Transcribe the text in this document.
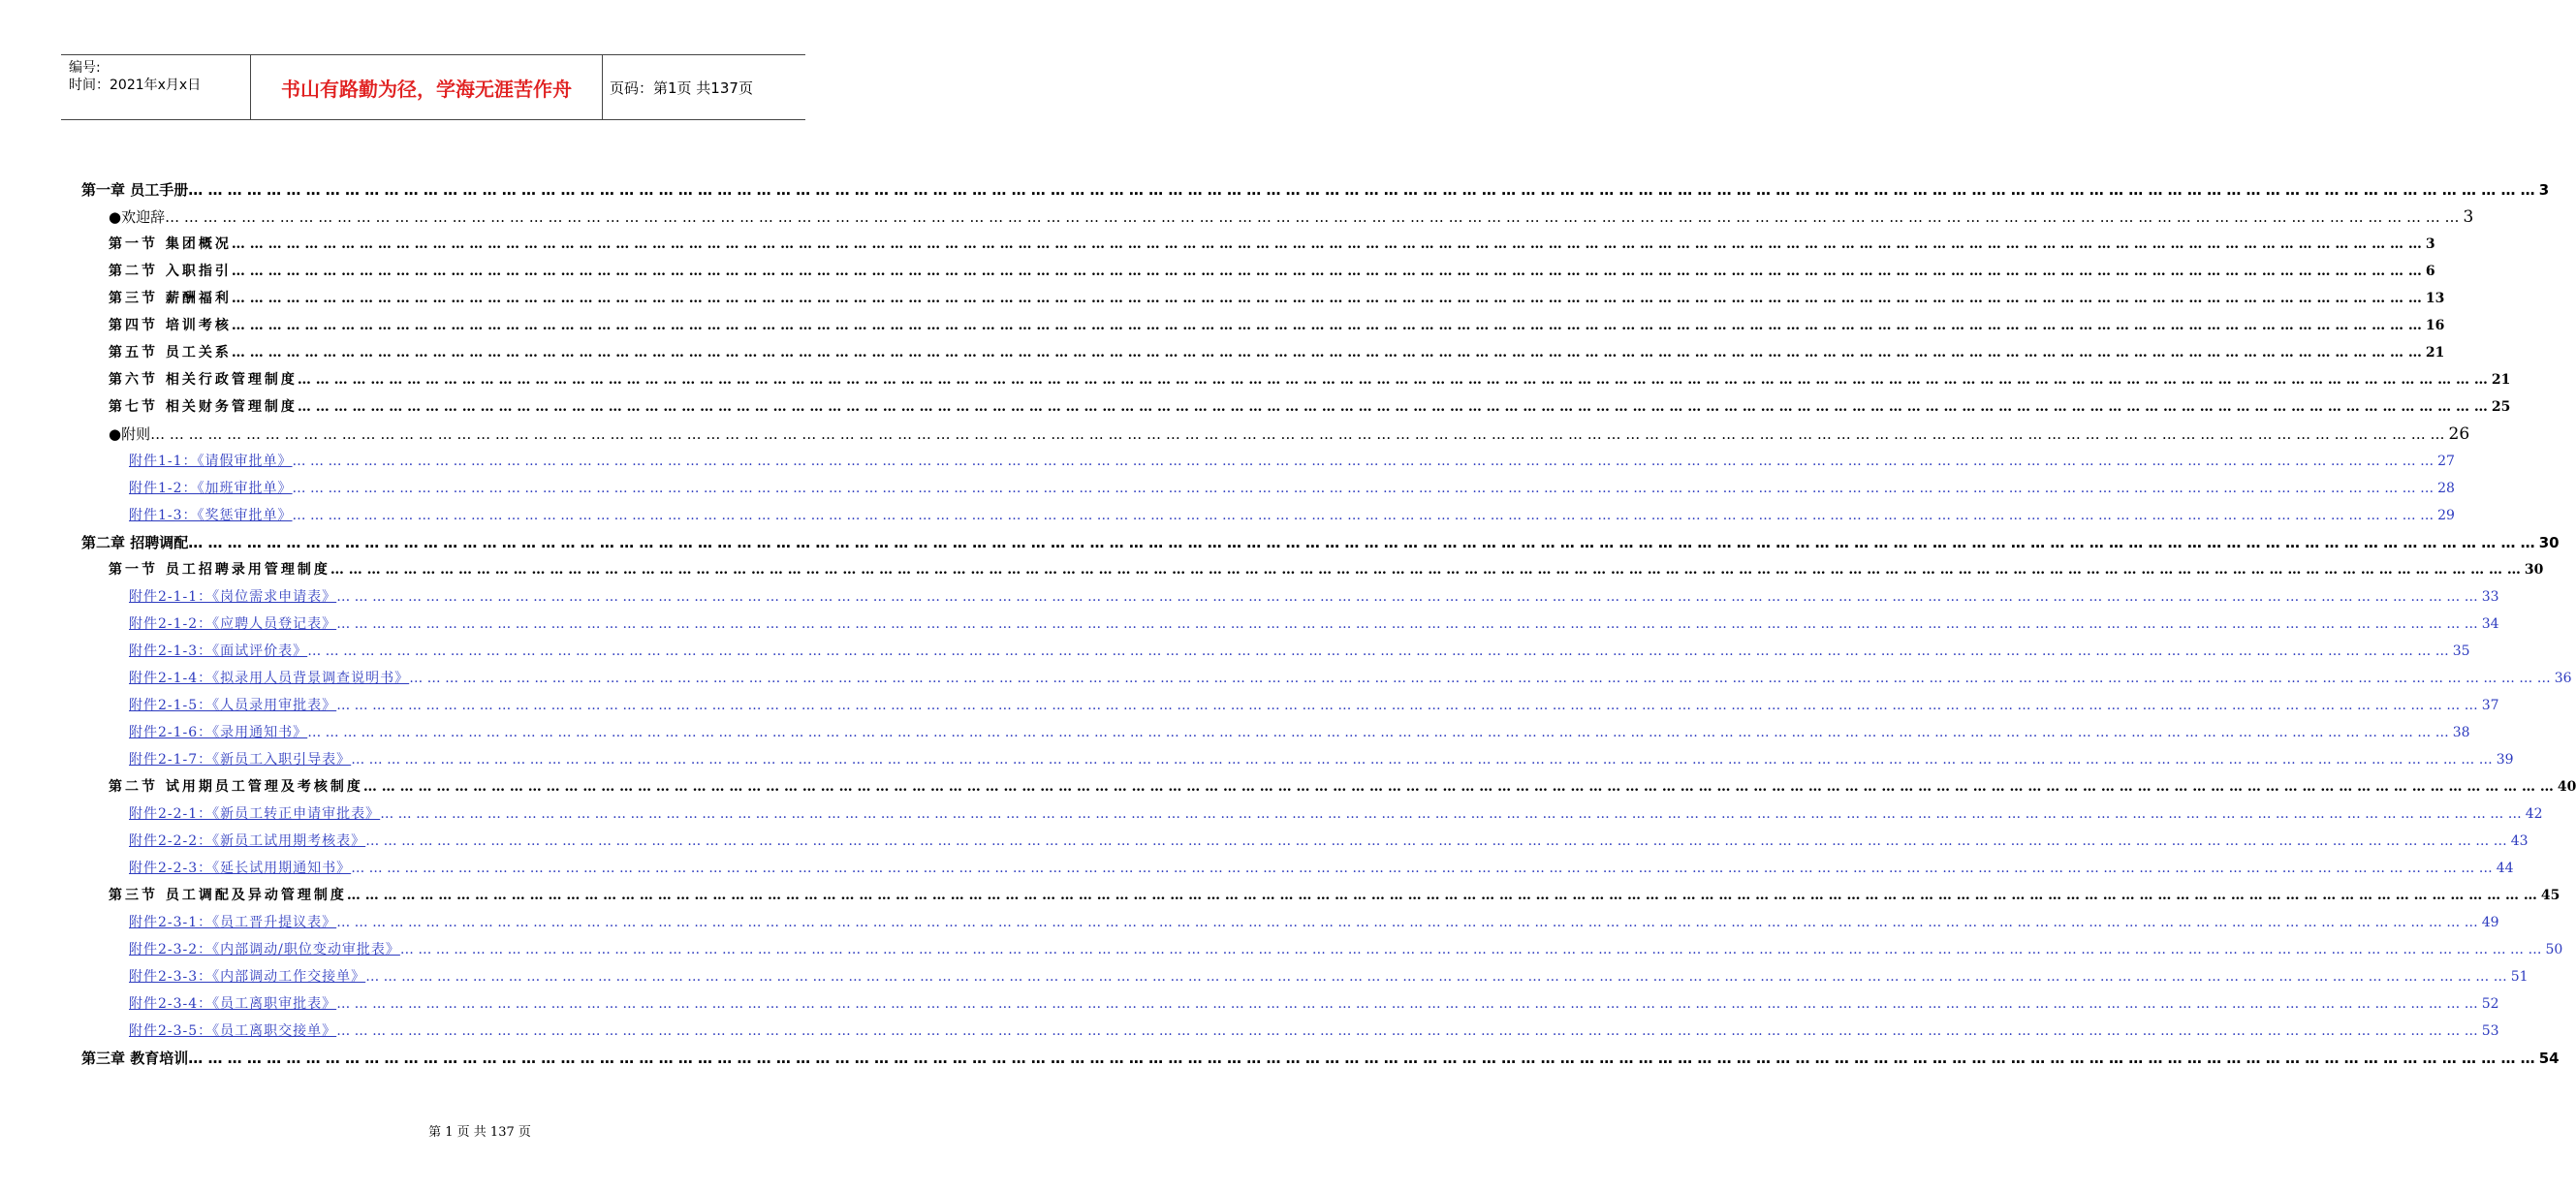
编号:
时间：2021年x月x日	书山有路勤为径，学海无涯苦作舟	页码：第1页 共137页
第一章 员工手册 … … … … … … … … … … … … … … … … … … … … … … … … … … … … … … … … … … … … … … … … … … … … … … … … … … … … … … … … … … … … … … … … … … … … … … … … … … … … … … … … … … … … … … … … … … … … … … … … … … … … … … … … … … … … … … … … … … … … … … … … 3
● 欢迎辞 … … … … … … … … … … … … … … … … … … … … … … … … … … … … … … … … … … … … … … … … … … … … … … … … … … … … … … … … … … … … … … … … … … … … … … … … … … … … … … … … … … … … … … … … … … … … … … … … … … … … … … … … … … … … … … … … … … … … … … … … 3
第一节 集团概况 … … … … … … … … … … … … … … … … … … … … … … … … … … … … … … … … … … … … … … … … … … … … … … … … … … … … … … … … … … … … … … … … … … … … … … … … … … … … … … … … … … … … … … … … … … … … … … … … … … … … … … … … … … … … … … … … … … … … … … … … 3
第二节 入职指引 … … … … … … … … … … … … … … … … … … … … … … … … … … … … … … … … … … … … … … … … … … … … … … … … … … … … … … … … … … … … … … … … … … … … … … … … … … … … … … … … … … … … … … … … … … … … … … … … … … … … … … … … … … … … … … … … … … … … … … … … 6
第三节 薪酬福利 … … … … … … … … … … … … … … … … … … … … … … … … … … … … … … … … … … … … … … … … … … … … … … … … … … … … … … … … … … … … … … … … … … … … … … … … … … … … … … … … … … … … … … … … … … … … … … … … … … … … … … … … … … … … … … … … … … … … … … … … 13
第四节 培训考核 … … … … … … … … … … … … … … … … … … … … … … … … … … … … … … … … … … … … … … … … … … … … … … … … … … … … … … … … … … … … … … … … … … … … … … … … … … … … … … … … … … … … … … … … … … … … … … … … … … … … … … … … … … … … … … … … … … … … … … … … 16
第五节 员工关系 … … … … … … … … … … … … … … … … … … … … … … … … … … … … … … … … … … … … … … … … … … … … … … … … … … … … … … … … … … … … … … … … … … … … … … … … … … … … … … … … … … … … … … … … … … … … … … … … … … … … … … … … … … … … … … … … … … … … … … … … 21
第六节 相关行政管理制度 … … … … … … … … … … … … … … … … … … … … … … … … … … … … … … … … … … … … … … … … … … … … … … … … … … … … … … … … … … … … … … … … … … … … … … … … … … … … … … … … … … … … … … … … … … … … … … … … … … … … … … … … … … … … … … … … … … … … … … … … 21
第七节 相关财务管理制度 … … … … … … … … … … … … … … … … … … … … … … … … … … … … … … … … … … … … … … … … … … … … … … … … … … … … … … … … … … … … … … … … … … … … … … … … … … … … … … … … … … … … … … … … … … … … … … … … … … … … … … … … … … … … … … … … … … … … … … … … 25
● 附则 … … … … … … … … … … … … … … … … … … … … … … … … … … … … … … … … … … … … … … … … … … … … … … … … … … … … … … … … … … … … … … … … … … … … … … … … … … … … … … … … … … … … … … … … … … … … … … … … … … … … … … … … … … … … … … … … … … … … … … … … 26
附件1-1：《请假审批单》 … … … … … … … … … … … … … … … … … … … … … … … … … … … … … … … … … … … … … … … … … … … … … … … … … … … … … … … … … … … … … … … … … … … … … … … … … … … … … … … … … … … … … … … … … … … … … … … … … … … … … … … … … … … … … … … … … … … … … … … … 27
附件1-2：《加班审批单》 … … … … … … … … … … … … … … … … … … … … … … … … … … … … … … … … … … … … … … … … … … … … … … … … … … … … … … … … … … … … … … … … … … … … … … … … … … … … … … … … … … … … … … … … … … … … … … … … … … … … … … … … … … … … … … … … … … … … … … … … 28
附件1-3：《奖惩审批单》 … … … … … … … … … … … … … … … … … … … … … … … … … … … … … … … … … … … … … … … … … … … … … … … … … … … … … … … … … … … … … … … … … … … … … … … … … … … … … … … … … … … … … … … … … … … … … … … … … … … … … … … … … … … … … … … … … … … … … … … … 29
第二章 招聘调配 … … … … … … … … … … … … … … … … … … … … … … … … … … … … … … … … … … … … … … … … … … … … … … … … … … … … … … … … … … … … … … … … … … … … … … … … … … … … … … … … … … … … … … … … … … … … … … … … … … … … … … … … … … … … … … … … … … … … … … … … 30
第一节 员工招聘录用管理制度 … … … … … … … … … … … … … … … … … … … … … … … … … … … … … … … … … … … … … … … … … … … … … … … … … … … … … … … … … … … … … … … … … … … … … … … … … … … … … … … … … … … … … … … … … … … … … … … … … … … … … … … … … … … … … … … … … … … … … … … … 30
附件2-1-1：《岗位需求申请表》 … … … … … … … … … … … … … … … … … … … … … … … … … … … … … … … … … … … … … … … … … … … … … … … … … … … … … … … … … … … … … … … … … … … … … … … … … … … … … … … … … … … … … … … … … … … … … … … … … … … … … … … … … … … … … … … … … … … … … … … … 33
附件2-1-2：《应聘人员登记表》 … … … … … … … … … … … … … … … … … … … … … … … … … … … … … … … … … … … … … … … … … … … … … … … … … … … … … … … … … … … … … … … … … … … … … … … … … … … … … … … … … … … … … … … … … … … … … … … … … … … … … … … … … … … … … … … … … … … … … … … … 34
附件2-1-3：《面试评价表》 … … … … … … … … … … … … … … … … … … … … … … … … … … … … … … … … … … … … … … … … … … … … … … … … … … … … … … … … … … … … … … … … … … … … … … … … … … … … … … … … … … … … … … … … … … … … … … … … … … … … … … … … … … … … … … … … … … … … … … … … 35
附件2-1-4：《拟录用人员背景调查说明书》 … … … … … … … … … … … … … … … … … … … … … … … … … … … … … … … … … … … … … … … … … … … … … … … … … … … … … … … … … … … … … … … … … … … … … … … … … … … … … … … … … … … … … … … … … … … … … … … … … … … … … … … … … … … … … … … … … … … … … … … … 36
附件2-1-5：《人员录用审批表》 … … … … … … … … … … … … … … … … … … … … … … … … … … … … … … … … … … … … … … … … … … … … … … … … … … … … … … … … … … … … … … … … … … … … … … … … … … … … … … … … … … … … … … … … … … … … … … … … … … … … … … … … … … … … … … … … … … … … … … … … 37
附件2-1-6：《录用通知书》 … … … … … … … … … … … … … … … … … … … … … … … … … … … … … … … … … … … … … … … … … … … … … … … … … … … … … … … … … … … … … … … … … … … … … … … … … … … … … … … … … … … … … … … … … … … … … … … … … … … … … … … … … … … … … … … … … … … … … … … … 38
附件2-1-7：《新员工入职引导表》 … … … … … … … … … … … … … … … … … … … … … … … … … … … … … … … … … … … … … … … … … … … … … … … … … … … … … … … … … … … … … … … … … … … … … … … … … … … … … … … … … … … … … … … … … … … … … … … … … … … … … … … … … … … … … … … … … … … … … … … … 39
第二节 试用期员工管理及考核制度 … … … … … … … … … … … … … … … … … … … … … … … … … … … … … … … … … … … … … … … … … … … … … … … … … … … … … … … … … … … … … … … … … … … … … … … … … … … … … … … … … … … … … … … … … … … … … … … … … … … … … … … … … … … … … … … … … … … … … … … … 40
附件2-2-1：《新员工转正申请审批表》 … … … … … … … … … … … … … … … … … … … … … … … … … … … … … … … … … … … … … … … … … … … … … … … … … … … … … … … … … … … … … … … … … … … … … … … … … … … … … … … … … … … … … … … … … … … … … … … … … … … … … … … … … … … … … … … … … … … … … … … … 42
附件2-2-2：《新员工试用期考核表》 … … … … … … … … … … … … … … … … … … … … … … … … … … … … … … … … … … … … … … … … … … … … … … … … … … … … … … … … … … … … … … … … … … … … … … … … … … … … … … … … … … … … … … … … … … … … … … … … … … … … … … … … … … … … … … … … … … … … … … … … 43
附件2-2-3：《延长试用期通知书》 … … … … … … … … … … … … … … … … … … … … … … … … … … … … … … … … … … … … … … … … … … … … … … … … … … … … … … … … … … … … … … … … … … … … … … … … … … … … … … … … … … … … … … … … … … … … … … … … … … … … … … … … … … … … … … … … … … … … … … … … 44
第三节 员工调配及异动管理制度 … … … … … … … … … … … … … … … … … … … … … … … … … … … … … … … … … … … … … … … … … … … … … … … … … … … … … … … … … … … … … … … … … … … … … … … … … … … … … … … … … … … … … … … … … … … … … … … … … … … … … … … … … … … … … … … … … … … … … … … … 45
附件2-3-1：《员工晋升提议表》 … … … … … … … … … … … … … … … … … … … … … … … … … … … … … … … … … … … … … … … … … … … … … … … … … … … … … … … … … … … … … … … … … … … … … … … … … … … … … … … … … … … … … … … … … … … … … … … … … … … … … … … … … … … … … … … … … … … … … … … … 49
附件2-3-2：《内部调动/职位变动审批表》 … … … … … … … … … … … … … … … … … … … … … … … … … … … … … … … … … … … … … … … … … … … … … … … … … … … … … … … … … … … … … … … … … … … … … … … … … … … … … … … … … … … … … … … … … … … … … … … … … … … … … … … … … … … … … … … … … … … … … … … … 50
附件2-3-3：《内部调动工作交接单》 … … … … … … … … … … … … … … … … … … … … … … … … … … … … … … … … … … … … … … … … … … … … … … … … … … … … … … … … … … … … … … … … … … … … … … … … … … … … … … … … … … … … … … … … … … … … … … … … … … … … … … … … … … … … … … … … … … … … … … … … 51
附件2-3-4：《员工离职审批表》 … … … … … … … … … … … … … … … … … … … … … … … … … … … … … … … … … … … … … … … … … … … … … … … … … … … … … … … … … … … … … … … … … … … … … … … … … … … … … … … … … … … … … … … … … … … … … … … … … … … … … … … … … … … … … … … … … … … … … … … … 52
附件2-3-5：《员工离职交接单》 … … … … … … … … … … … … … … … … … … … … … … … … … … … … … … … … … … … … … … … … … … … … … … … … … … … … … … … … … … … … … … … … … … … … … … … … … … … … … … … … … … … … … … … … … … … … … … … … … … … … … … … … … … … … … … … … … … … … … … … … 53
第三章 教育培训 … … … … … … … … … … … … … … … … … … … … … … … … … … … … … … … … … … … … … … … … … … … … … … … … … … … … … … … … … … … … … … … … … … … … … … … … … … … … … … … … … … … … … … … … … … … … … … … … … … … … … … … … … … … … … … … … … … … … … … … … 54
第 1 页 共 137 页
